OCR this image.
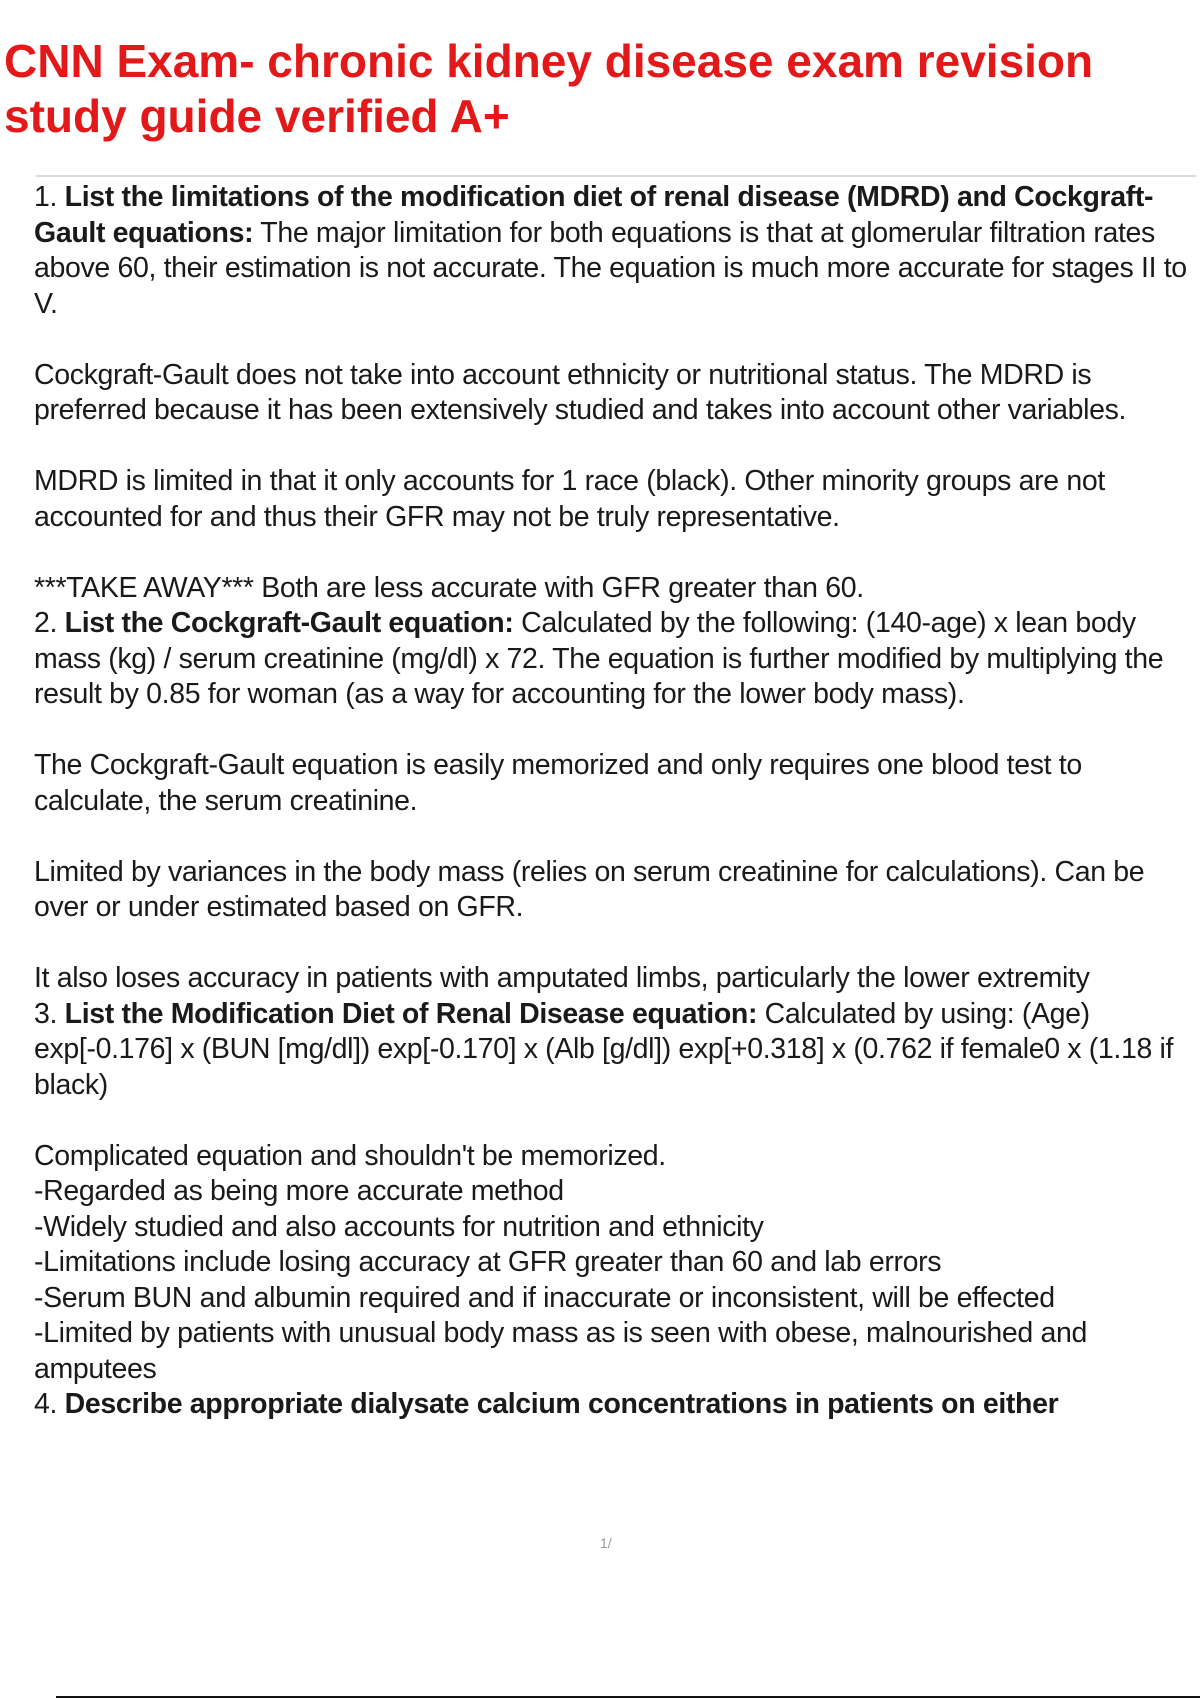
CNN Exam- chronic kidney disease exam revision study guide verified A+

1. List the limitations of the modification diet of renal disease (MDRD) and Cockgraft-Gault equations: The major limitation for both equations is that at glomerular filtration rates above 60, their estimation is not accurate. The equation is much more accurate for stages II to V.

Cockgraft-Gault does not take into account ethnicity or nutritional status. The MDRD is preferred because it has been extensively studied and takes into account other variables.

MDRD is limited in that it only accounts for 1 race (black). Other minority groups are not accounted for and thus their GFR may not be truly representative.

***TAKE AWAY*** Both are less accurate with GFR greater than 60.

2. List the Cockgraft-Gault equation: Calculated by the following: (140-age) x lean body mass (kg) / serum creatinine (mg/dl) x 72. The equation is further modified by multiplying the result by 0.85 for woman (as a way for accounting for the lower body mass).

The Cockgraft-Gault equation is easily memorized and only requires one blood test to calculate, the serum creatinine.

Limited by variances in the body mass (relies on serum creatinine for calculations). Can be over or under estimated based on GFR.

It also loses accuracy in patients with amputated limbs, particularly the lower extremity

3. List the Modification Diet of Renal Disease equation: Calculated by using: (Age) exp[-0.176] x (BUN [mg/dl]) exp[-0.170] x (Alb [g/dl]) exp[+0.318] x (0.762 if female0 x (1.18 if black)

Complicated equation and shouldn't be memorized.

-Regarded as being more accurate method

-Widely studied and also accounts for nutrition and ethnicity

-Limitations include losing accuracy at GFR greater than 60 and lab errors

-Serum BUN and albumin required and if inaccurate or inconsistent, will be effected

-Limited by patients with unusual body mass as is seen with obese, malnourished and amputees

4. Describe appropriate dialysate calcium concentrations in patients on either

1/
